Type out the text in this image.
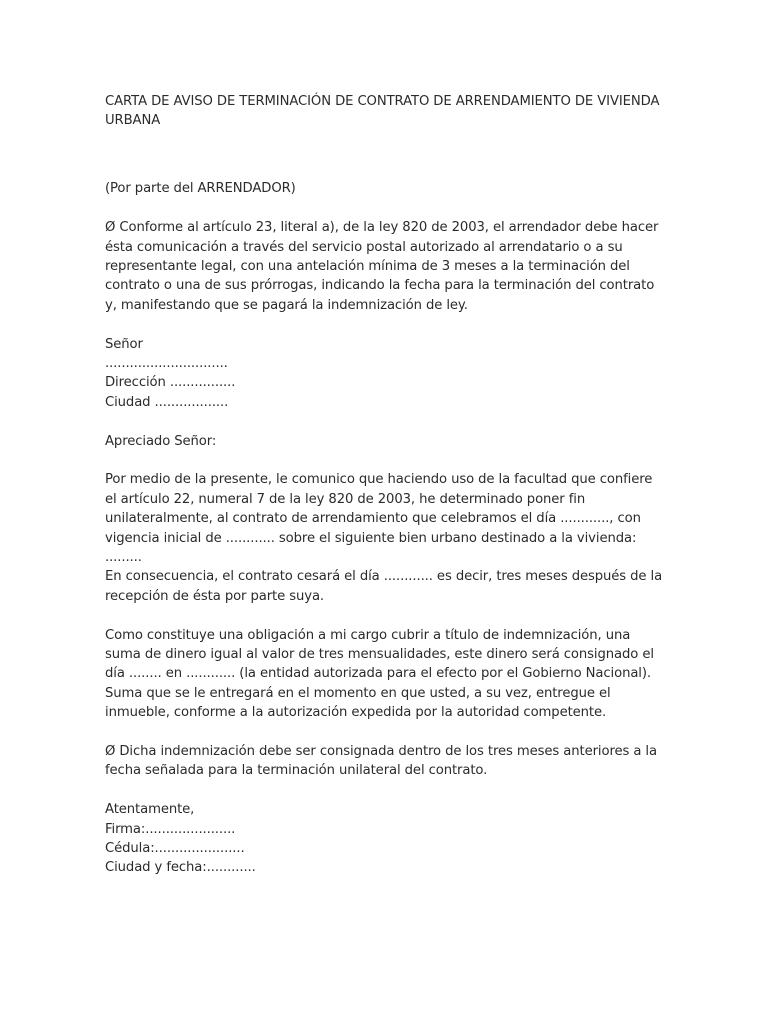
CARTA DE AVISO DE TERMINACIÓN DE CONTRATO DE ARRENDAMIENTO DE VIVIENDA URBANA

(Por parte del ARRENDADOR)

Ø Conforme al artículo 23, literal a), de la ley 820 de 2003, el arrendador debe hacer ésta comunicación a través del servicio postal autorizado al arrendatario o a su representante legal, con una antelación mínima de 3 meses a la terminación del contrato o una de sus prórrogas, indicando la fecha para la terminación del contrato y, manifestando que se pagará la indemnización de ley.

Señor
..............................
Dirección ................
Ciudad ..................

Apreciado Señor:

Por medio de la presente, le comunico que haciendo uso de la facultad que confiere el artículo 22, numeral 7 de la ley 820 de 2003, he determinado poner fin unilateralmente, al contrato de arrendamiento que celebramos el día ............, con vigencia inicial de ............ sobre el siguiente bien urbano destinado a la vivienda: .........

En consecuencia, el contrato cesará el día ............ es decir, tres meses después de la recepción de ésta por parte suya.

Como constituye una obligación a mi cargo cubrir a título de indemnización, una suma de dinero igual al valor de tres mensualidades, este dinero será consignado el día ........ en ............ (la entidad autorizada para el efecto por el Gobierno Nacional). Suma que se le entregará en el momento en que usted, a su vez, entregue el inmueble, conforme a la autorización expedida por la autoridad competente.

Ø Dicha indemnización debe ser consignada dentro de los tres meses anteriores a la fecha señalada para la terminación unilateral del contrato.

Atentamente,
Firma:......................
Cédula:......................
Ciudad y fecha:............
